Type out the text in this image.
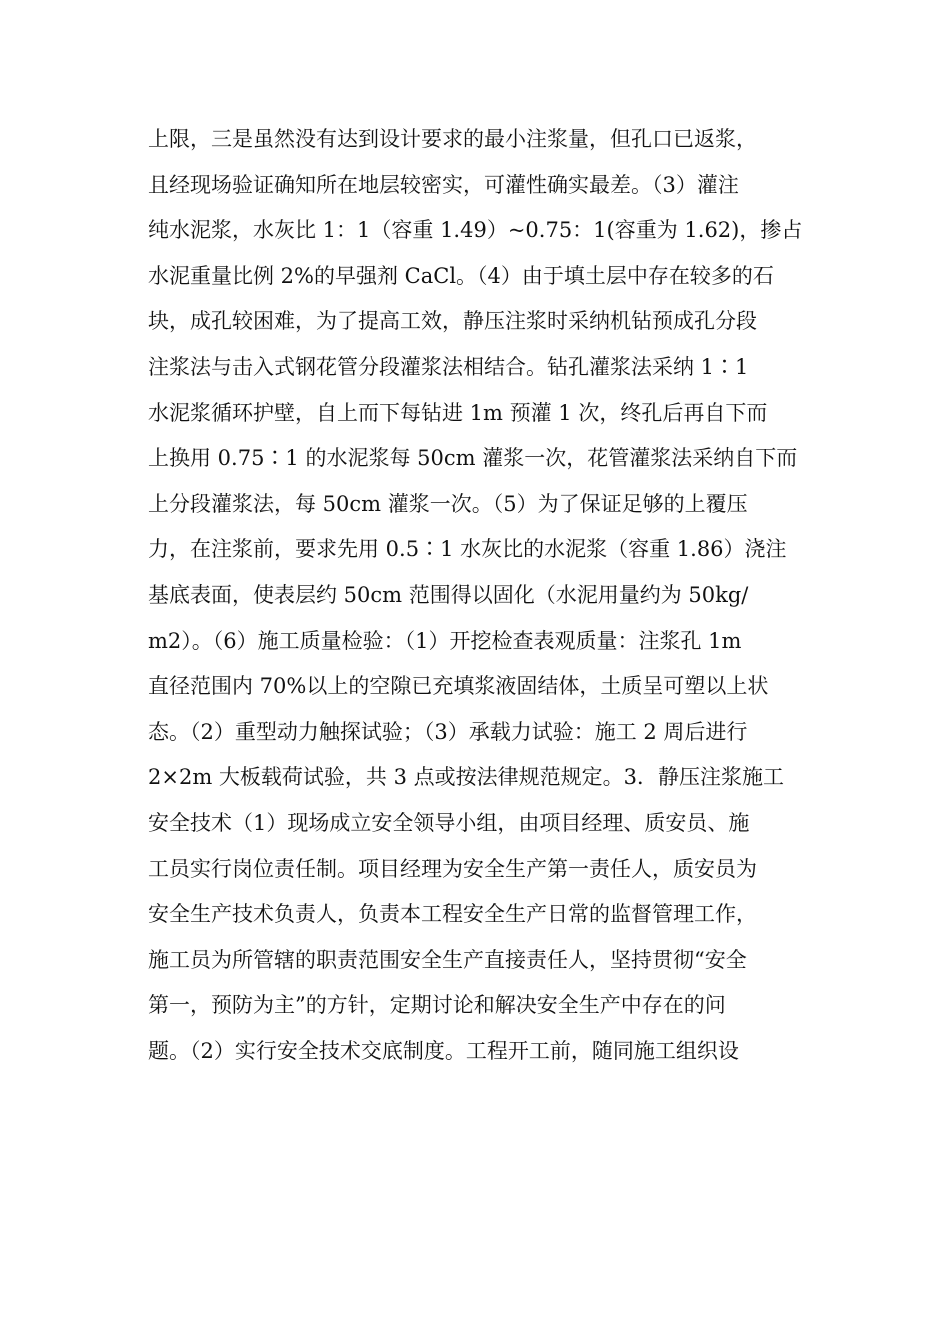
上限，三是虽然没有达到设计要求的最小注浆量，但孔口已返浆，
且经现场验证确知所在地层较密实，可灌性确实最差。（3）灌注
纯水泥浆，水灰比 1：1（容重 1.49）~0.75：1(容重为 1.62)，掺占
水泥重量比例 2%的早强剂 CaCl。（4）由于填土层中存在较多的石
块，成孔较困难，为了提高工效，静压注浆时采纳机钻预成孔分段
注浆法与击入式钢花管分段灌浆法相结合。钻孔灌浆法采纳 1∶1
水泥浆循环护壁，自上而下每钻进 1m 预灌 1 次，终孔后再自下而
上换用 0.75∶1 的水泥浆每 50cm 灌浆一次，花管灌浆法采纳自下而
上分段灌浆法，每 50cm 灌浆一次。（5）为了保证足够的上覆压
力，在注浆前，要求先用 0.5∶1 水灰比的水泥浆（容重 1.86）浇注
基底表面，使表层约 50cm 范围得以固化（水泥用量约为 50kg/
m2）。（6）施工质量检验：（1）开挖检查表观质量：注浆孔 1m
直径范围内 70%以上的空隙已充填浆液固结体，土质呈可塑以上状
态。（2）重型动力触探试验；（3）承载力试验：施工 2 周后进行
2×2m 大板载荷试验，共 3 点或按法律规范规定。3．静压注浆施工
安全技术（1）现场成立安全领导小组，由项目经理、质安员、施
工员实行岗位责任制。项目经理为安全生产第一责任人，质安员为
安全生产技术负责人，负责本工程安全生产日常的监督管理工作，
施工员为所管辖的职责范围安全生产直接责任人，坚持贯彻“安全
第一，预防为主”的方针，定期讨论和解决安全生产中存在的问
题。（2）实行安全技术交底制度。工程开工前，随同施工组织设
